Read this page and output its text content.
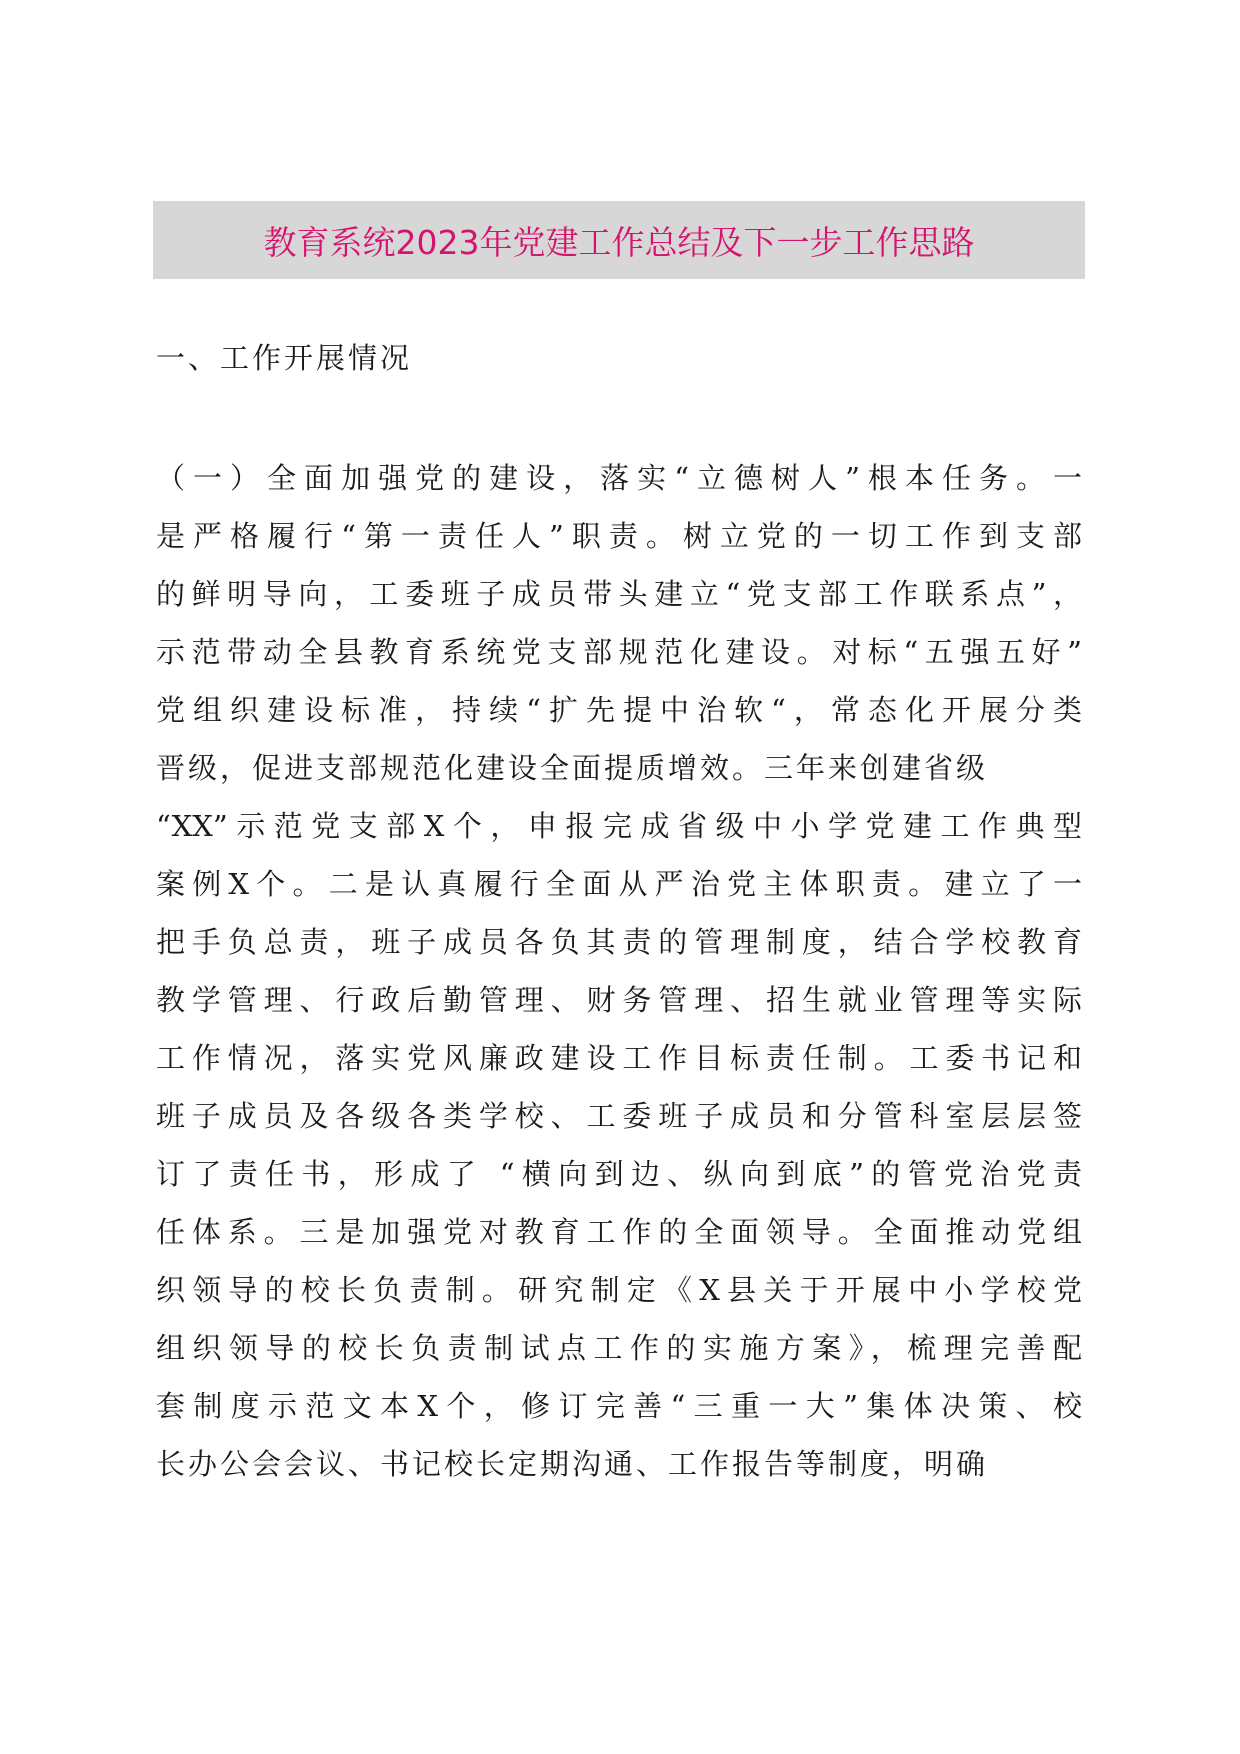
教育系统2023年党建工作总结及下一步工作思路
一、工作开展情况
（一）全面加强党的建设，落实“立德树人”根本任务。一
是严格履行“第一责任人”职责。树立党的一切工作到支部
的鲜明导向，工委班子成员带头建立“党支部工作联系点”，
示范带动全县教育系统党支部规范化建设。对标“五强五好”
党组织建设标准，持续“扩先提中治软“，常态化开展分类
晋级，促进支部规范化建设全面提质增效。三年来创建省级
“XX”示范党支部X个，申报完成省级中小学党建工作典型
案例X个。二是认真履行全面从严治党主体职责。建立了一
把手负总责，班子成员各负其责的管理制度，结合学校教育
教学管理、行政后勤管理、财务管理、招生就业管理等实际
工作情况，落实党风廉政建设工作目标责任制。工委书记和
班子成员及各级各类学校、工委班子成员和分管科室层层签
订了责任书，形成了 “横向到边、纵向到底”的管党治党责
任体系。三是加强党对教育工作的全面领导。全面推动党组
织领导的校长负责制。研究制定《X县关于开展中小学校党
组织领导的校长负责制试点工作的实施方案》，梳理完善配
套制度示范文本X个，修订完善“三重一大”集体决策、校
长办公会会议、书记校长定期沟通、工作报告等制度，明确
